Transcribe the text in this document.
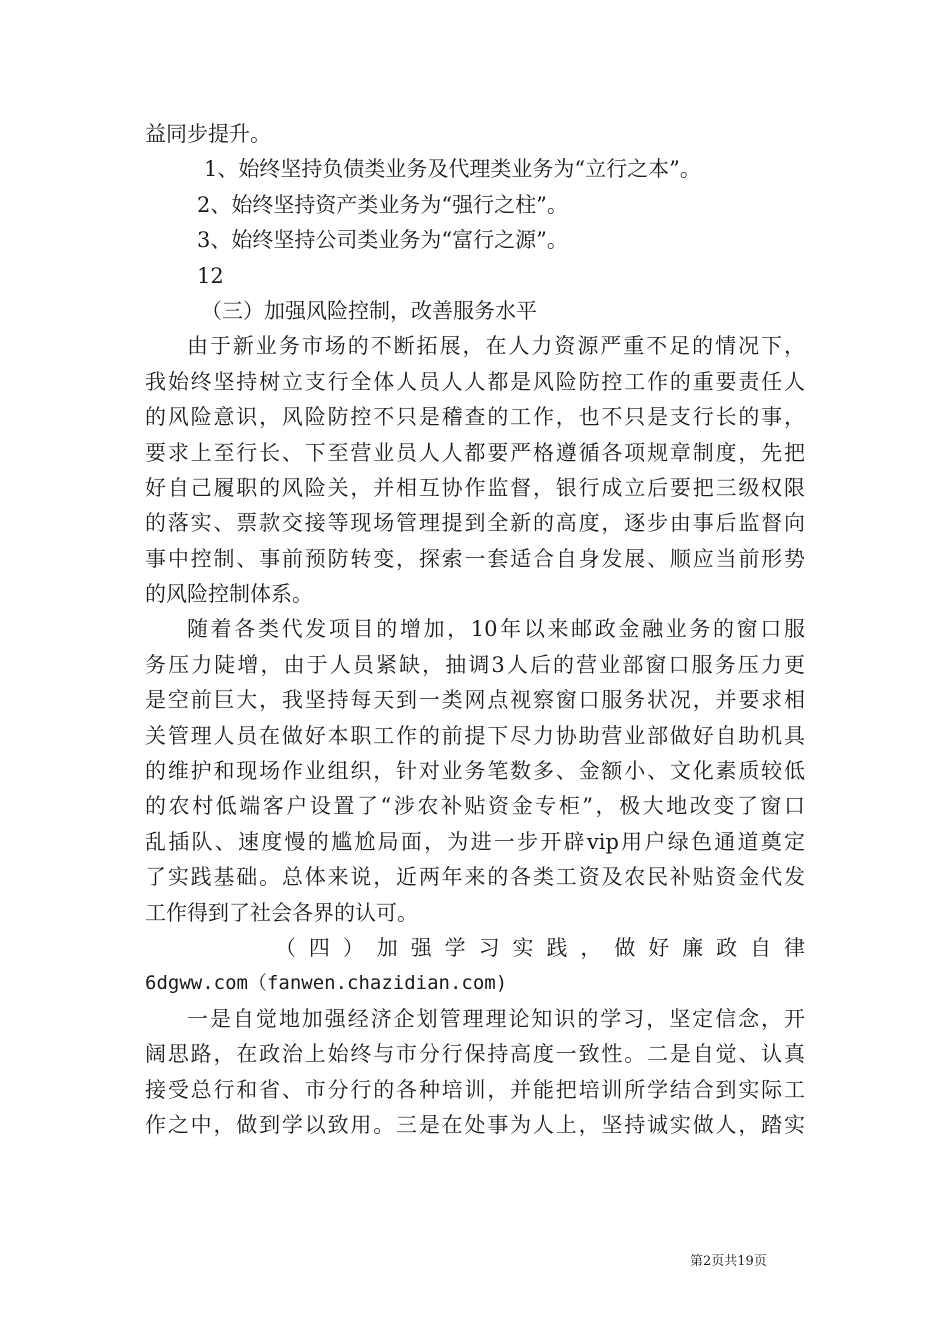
益同步提升。
1、始终坚持负债类业务及代理类业务为“立行之本”。
2、始终坚持资产类业务为“强行之柱”。
3、始终坚持公司类业务为“富行之源”。
12
（三）加强风险控制，改善服务水平
由于新业务市场的不断拓展，在人力资源严重不足的情况下，
我始终坚持树立支行全体人员人人都是风险防控工作的重要责任人
的风险意识，风险防控不只是稽查的工作，也不只是支行长的事，
要求上至行长、下至营业员人人都要严格遵循各项规章制度，先把
好自己履职的风险关，并相互协作监督，银行成立后要把三级权限
的落实、票款交接等现场管理提到全新的高度，逐步由事后监督向
事中控制、事前预防转变，探索一套适合自身发展、顺应当前形势
的风险控制体系。
随着各类代发项目的增加，10年以来邮政金融业务的窗口服
务压力陡增，由于人员紧缺，抽调3人后的营业部窗口服务压力更
是空前巨大，我坚持每天到一类网点视察窗口服务状况，并要求相
关管理人员在做好本职工作的前提下尽力协助营业部做好自助机具
的维护和现场作业组织，针对业务笔数多、金额小、文化素质较低
的农村低端客户设置了“涉农补贴资金专柜”，极大地改变了窗口
乱插队、速度慢的尴尬局面，为进一步开辟vip用户绿色通道奠定
了实践基础。总体来说，近两年来的各类工资及农民补贴资金代发
工作得到了社会各界的认可。
（四）加强学习实践，做好廉政自律
6dgww.com（fanwen.chazidian.com)
一是自觉地加强经济企划管理理论知识的学习，坚定信念，开
阔思路，在政治上始终与市分行保持高度一致性。二是自觉、认真
接受总行和省、市分行的各种培训，并能把培训所学结合到实际工
作之中，做到学以致用。三是在处事为人上，坚持诚实做人，踏实
第2页共19页
